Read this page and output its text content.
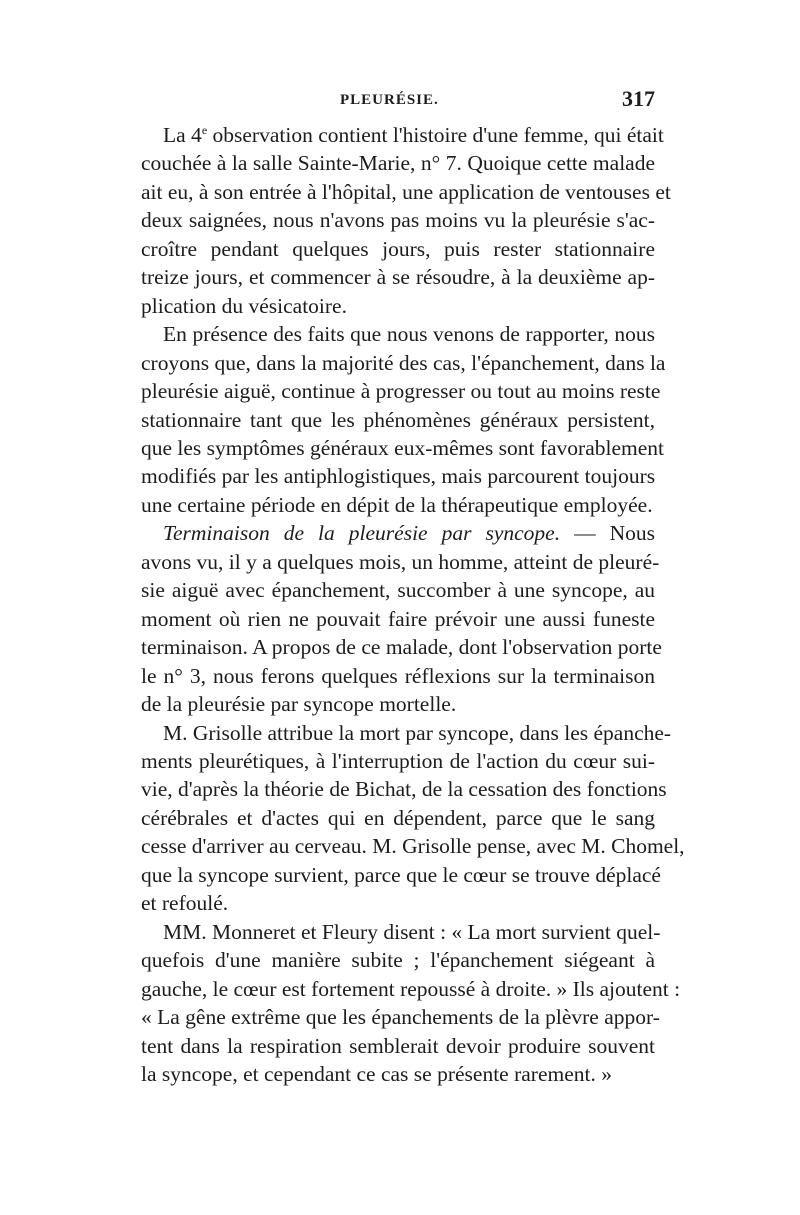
PLEURÉSIE.	317

La 4e observation contient l'histoire d'une femme, qui était
couchée à la salle Sainte-Marie, n° 7. Quoique cette malade
ait eu, à son entrée à l'hôpital, une application de ventouses et
deux saignées, nous n'avons pas moins vu la pleurésie s'ac-
croître pendant quelques jours, puis rester stationnaire
treize jours, et commencer à se résoudre, à la deuxième ap-
plication du vésicatoire.

En présence des faits que nous venons de rapporter, nous
croyons que, dans la majorité des cas, l'épanchement, dans la
pleurésie aiguë, continue à progresser ou tout au moins reste
stationnaire tant que les phénomènes généraux persistent,
que les symptômes généraux eux-mêmes sont favorablement
modifiés par les antiphlogistiques, mais parcourent toujours
une certaine période en dépit de la thérapeutique employée.

Terminaison de la pleurésie par syncope. — Nous
avons vu, il y a quelques mois, un homme, atteint de pleuré-
sie aiguë avec épanchement, succomber à une syncope, au
moment où rien ne pouvait faire prévoir une aussi funeste
terminaison. A propos de ce malade, dont l'observation porte
le n° 3, nous ferons quelques réflexions sur la terminaison
de la pleurésie par syncope mortelle.

M. Grisolle attribue la mort par syncope, dans les épanche-
ments pleurétiques, à l'interruption de l'action du cœur sui-
vie, d'après la théorie de Bichat, de la cessation des fonctions
cérébrales et d'actes qui en dépendent, parce que le sang
cesse d'arriver au cerveau. M. Grisolle pense, avec M. Chomel,
que la syncope survient, parce que le cœur se trouve déplacé
et refoulé.

MM. Monneret et Fleury disent : « La mort survient quel-
quefois d'une manière subite ; l'épanchement siégeant à
gauche, le cœur est fortement repoussé à droite. » Ils ajoutent :
« La gêne extrême que les épanchements de la plèvre appor-
tent dans la respiration semblerait devoir produire souvent
la syncope, et cependant ce cas se présente rarement. »
